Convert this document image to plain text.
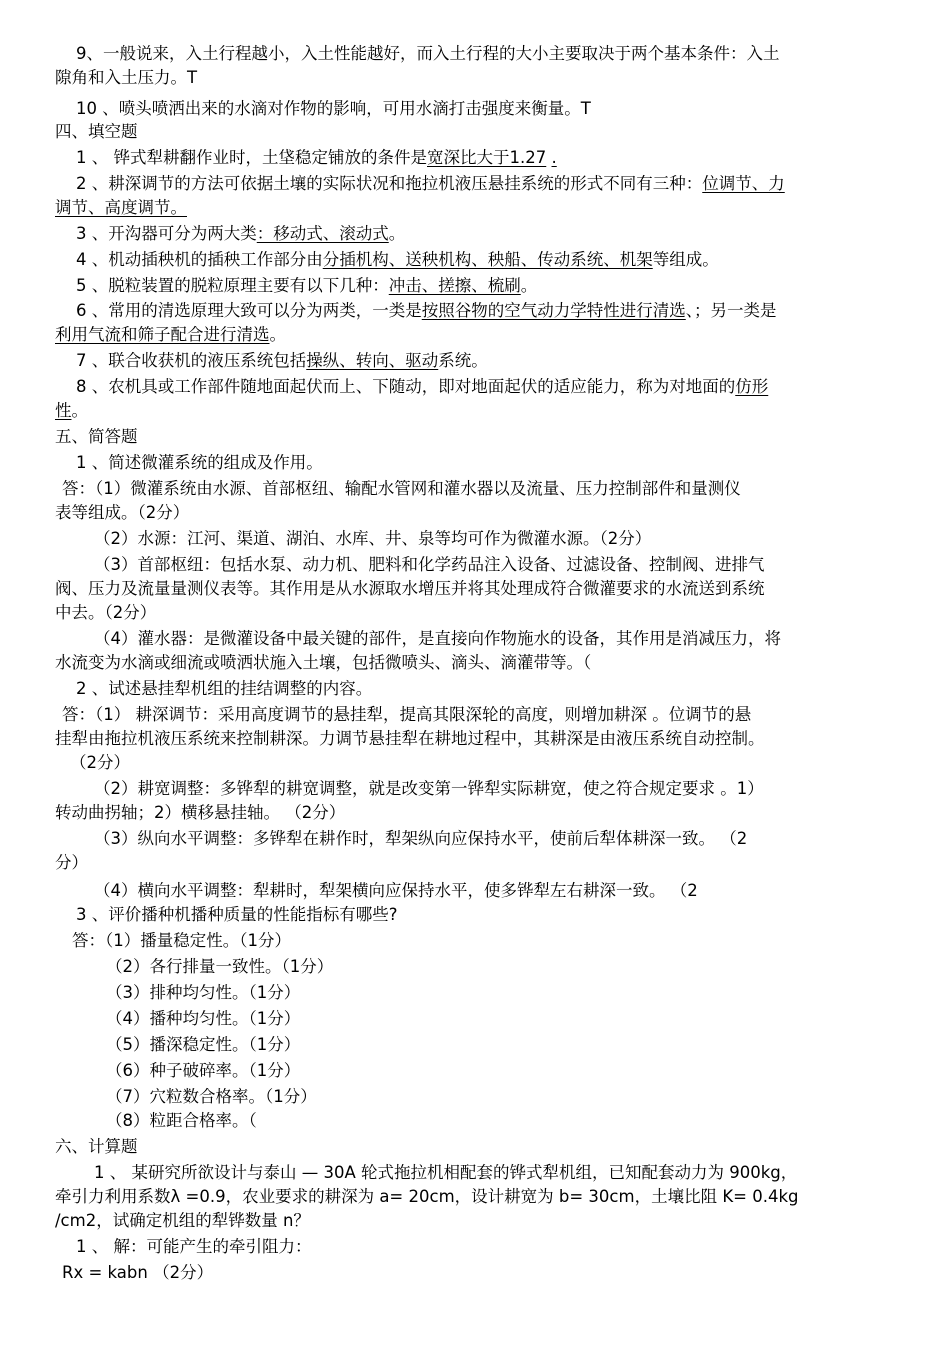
9、一般说来，入土行程越小，入土性能越好，而入土行程的大小主要取决于两个基本条件：入土
隙角和入土压力。T
10 、喷头喷洒出来的水滴对作物的影响，可用水滴打击强度来衡量。T
四、填空题
1 、 铧式犁耕翻作业时，土垡稳定铺放的条件是宽深比大于1.27 .
2 、耕深调节的方法可依据土壤的实际状况和拖拉机液压悬挂系统的形式不同有三种：位调节、力
调节、高度调节。
3 、开沟器可分为两大类：移动式、滚动式。
4 、机动插秧机的插秧工作部分由分插机构、送秧机构、秧船、传动系统、机架等组成。
5 、脱粒装置的脱粒原理主要有以下几种：冲击、搓擦、梳刷。
6 、常用的清选原理大致可以分为两类，一类是按照谷物的空气动力学特性进行清选、；另一类是
利用气流和筛子配合进行清选。
7 、联合收获机的液压系统包括操纵、转向、驱动系统。
8 、农机具或工作部件随地面起伏而上、下随动，即对地面起伏的适应能力，称为对地面的仿形
性。
五、简答题
1 、简述微灌系统的组成及作用。
答：（1）微灌系统由水源、首部枢纽、输配水管网和灌水器以及流量、压力控制部件和量测仪
表等组成。（2分）
（2）水源：江河、渠道、湖泊、水库、井、泉等均可作为微灌水源。（2分）
（3）首部枢纽：包括水泵、动力机、肥料和化学药品注入设备、过滤设备、控制阀、进排气
阀、压力及流量量测仪表等。其作用是从水源取水增压并将其处理成符合微灌要求的水流送到系统
中去。（2分）
（4）灌水器：是微灌设备中最关键的部件，是直接向作物施水的设备，其作用是消减压力，将
水流变为水滴或细流或喷洒状施入土壤，包括微喷头、滴头、滴灌带等。（
2 、试述悬挂犁机组的挂结调整的内容。
答：（1） 耕深调节：采用高度调节的悬挂犁，提高其限深轮的高度，则增加耕深 。位调节的悬
挂犁由拖拉机液压系统来控制耕深。力调节悬挂犁在耕地过程中，其耕深是由液压系统自动控制。
（2分）
（2）耕宽调整：多铧犁的耕宽调整，就是改变第一铧犁实际耕宽，使之符合规定要求 。1）
转动曲拐轴；2）横移悬挂轴。 （2分）
（3）纵向水平调整：多铧犁在耕作时，犁架纵向应保持水平，使前后犁体耕深一致。 （2
分）
（4）横向水平调整：犁耕时，犁架横向应保持水平，使多铧犁左右耕深一致。 （2
3 、评价播种机播种质量的性能指标有哪些?
答：（1）播量稳定性。（1分）
（2）各行排量一致性。（1分）
（3）排种均匀性。（1分）
（4）播种均匀性。（1分）
（5）播深稳定性。（1分）
（6）种子破碎率。（1分）
（7）穴粒数合格率。（1分）
（8）粒距合格率。（
六、计算题
1 、 某研究所欲设计与泰山 — 30A 轮式拖拉机相配套的铧式犁机组，已知配套动力为 900kg，
牵引力利用系数λ =0.9，农业要求的耕深为 a= 20cm，设计耕宽为 b= 30cm，土壤比阻 K= 0.4kg
/cm2，试确定机组的犁铧数量 n？
1 、 解：可能产生的牵引阻力：
Rx = kabn （2分）
